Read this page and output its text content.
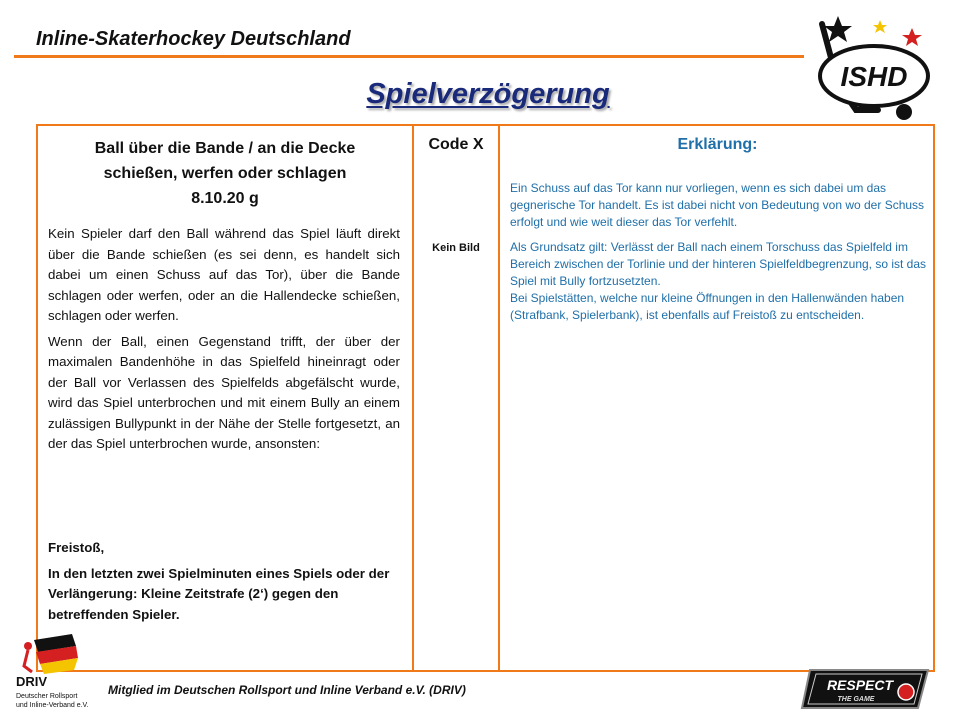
Inline-Skaterhockey Deutschland
ISHD
Spielverzögerung
Ball über die Bande / an die Decke
schießen, werfen oder schlagen
8.10.20 g

Kein Spieler darf den Ball während das Spiel läuft direkt über die Bande schießen (es sei denn, es handelt sich dabei um einen Schuss auf das Tor), über die Bande schlagen oder werfen, oder an die Hallendecke schießen, schlagen oder werfen.

Wenn der Ball, einen Gegenstand trifft, der über der maximalen Bandenhöhe in das Spielfeld hineinragt oder der Ball vor Verlassen des Spielfelds abgefälscht wurde, wird das Spiel unterbrochen und mit einem Bully an einem zulässigen Bullypunkt in der Nähe der Stelle fortgesetzt, an der das Spiel unterbrochen wurde, ansonsten:

Freistoß,

In den letzten zwei Spielminuten eines Spiels oder der Verlängerung: Kleine Zeitstrafe (2‘) gegen den betreffenden Spieler.

Code X
Kein Bild
Erklärung:

Ein Schuss auf das Tor kann nur vorliegen, wenn es sich dabei um das gegnerische Tor handelt. Es ist dabei nicht von Bedeutung von wo der Schuss erfolgt und wie weit dieser das Tor verfehlt.

Als Grundsatz gilt: Verlässt der Ball nach einem Torschuss das Spielfeld im Bereich zwischen der Torlinie und der hinteren Spielfeldbegrenzung, so ist das Spiel mit Bully fortzusetzten.

Bei Spielstätten, welche nur kleine Öffnungen in den Hallenwänden haben (Strafbank, Spielerbank), ist ebenfalls auf Freistoß zu entscheiden.

DRIV
Deutscher Rollsport
und Inline-Verband e.V.
Mitglied im Deutschen Rollsport und Inline Verband e.V. (DRIV)	RESPECT
THE GAME
